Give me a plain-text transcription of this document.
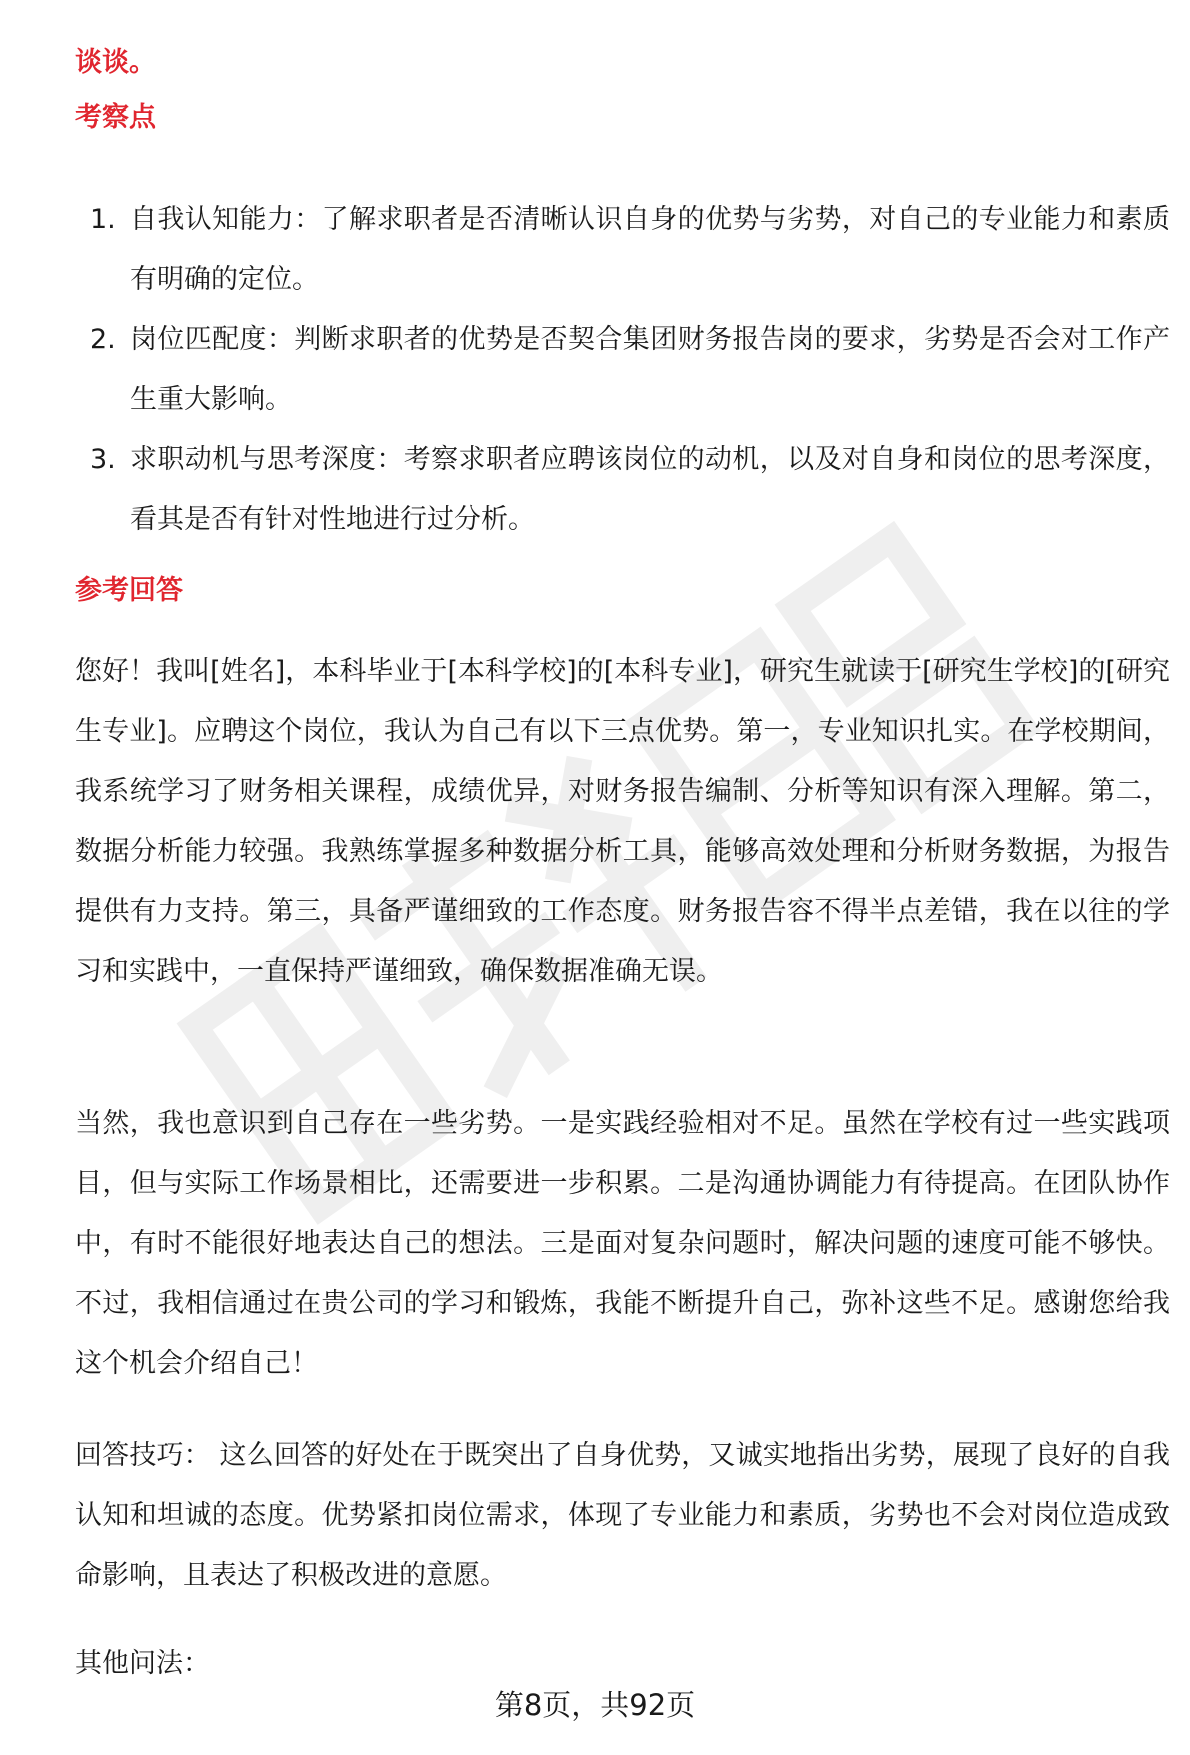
谈谈。
考察点
1. 自我认知能力：了解求职者是否清晰认识自身的优势与劣势，对自己的专业能力和素质有明确的定位。
2. 岗位匹配度：判断求职者的优势是否契合集团财务报告岗的要求，劣势是否会对工作产生重大影响。
3. 求职动机与思考深度：考察求职者应聘该岗位的动机，以及对自身和岗位的思考深度，看其是否有针对性地进行过分析。
参考回答

您好！我叫[姓名]，本科毕业于[本科学校]的[本科专业]，研究生就读于[研究生学校]的[研究生专业]。应聘这个岗位，我认为自己有以下三点优势。第一，专业知识扎实。在学校期间，我系统学习了财务相关课程，成绩优异，对财务报告编制、分析等知识有深入理解。第二，数据分析能力较强。我熟练掌握多种数据分析工具，能够高效处理和分析财务数据，为报告提供有力支持。第三，具备严谨细致的工作态度。财务报告容不得半点差错，我在以往的学习和实践中，一直保持严谨细致，确保数据准确无误。

当然，我也意识到自己存在一些劣势。一是实践经验相对不足。虽然在学校有过一些实践项目，但与实际工作场景相比，还需要进一步积累。二是沟通协调能力有待提高。在团队协作中，有时不能很好地表达自己的想法。三是面对复杂问题时，解决问题的速度可能不够快。不过，我相信通过在贵公司的学习和锻炼，我能不断提升自己，弥补这些不足。感谢您给我这个机会介绍自己！

回答技巧： 这么回答的好处在于既突出了自身优势，又诚实地指出劣势，展现了良好的自我认知和坦诚的态度。优势紧扣岗位需求，体现了专业能力和素质，劣势也不会对岗位造成致命影响，且表达了积极改进的意愿。

其他问法：

第8页，共92页
